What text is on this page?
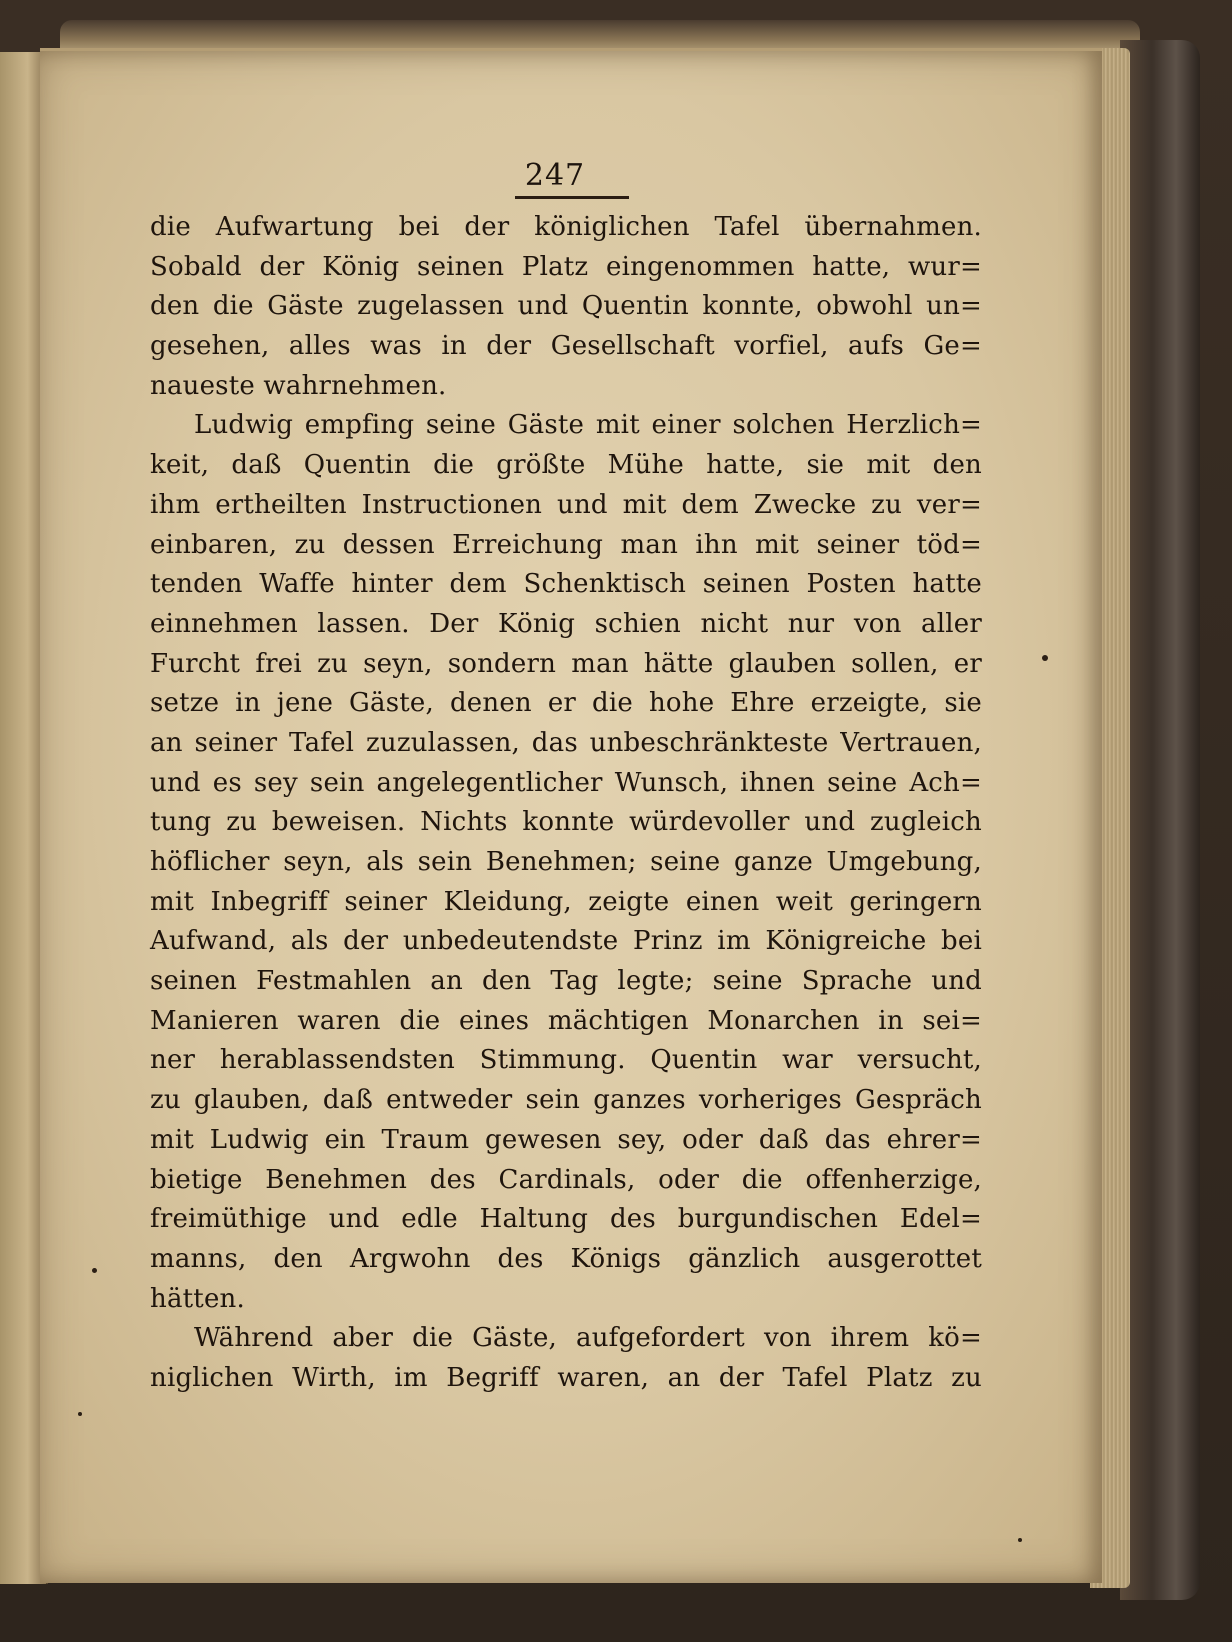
247
die Aufwartung bei der königlichen Tafel übernahmen.
Sobald der König seinen Platz eingenommen hatte, wur=
den die Gäste zugelassen und Quentin konnte, obwohl un=
gesehen, alles was in der Gesellschaft vorfiel, aufs Ge=
naueste wahrnehmen.
Ludwig empfing seine Gäste mit einer solchen Herzlich=
keit, daß Quentin die größte Mühe hatte, sie mit den
ihm ertheilten Instructionen und mit dem Zwecke zu ver=
einbaren, zu dessen Erreichung man ihn mit seiner töd=
tenden Waffe hinter dem Schenktisch seinen Posten hatte
einnehmen lassen. Der König schien nicht nur von aller
Furcht frei zu seyn, sondern man hätte glauben sollen, er
setze in jene Gäste, denen er die hohe Ehre erzeigte, sie
an seiner Tafel zuzulassen, das unbeschränkteste Vertrauen,
und es sey sein angelegentlicher Wunsch, ihnen seine Ach=
tung zu beweisen. Nichts konnte würdevoller und zugleich
höflicher seyn, als sein Benehmen; seine ganze Umgebung,
mit Inbegriff seiner Kleidung, zeigte einen weit geringern
Aufwand, als der unbedeutendste Prinz im Königreiche bei
seinen Festmahlen an den Tag legte; seine Sprache und
Manieren waren die eines mächtigen Monarchen in sei=
ner herablassendsten Stimmung. Quentin war versucht,
zu glauben, daß entweder sein ganzes vorheriges Gespräch
mit Ludwig ein Traum gewesen sey, oder daß das ehrer=
bietige Benehmen des Cardinals, oder die offenherzige,
freimüthige und edle Haltung des burgundischen Edel=
manns, den Argwohn des Königs gänzlich ausgerottet
hätten.
Während aber die Gäste, aufgefordert von ihrem kö=
niglichen Wirth, im Begriff waren, an der Tafel Platz zu
